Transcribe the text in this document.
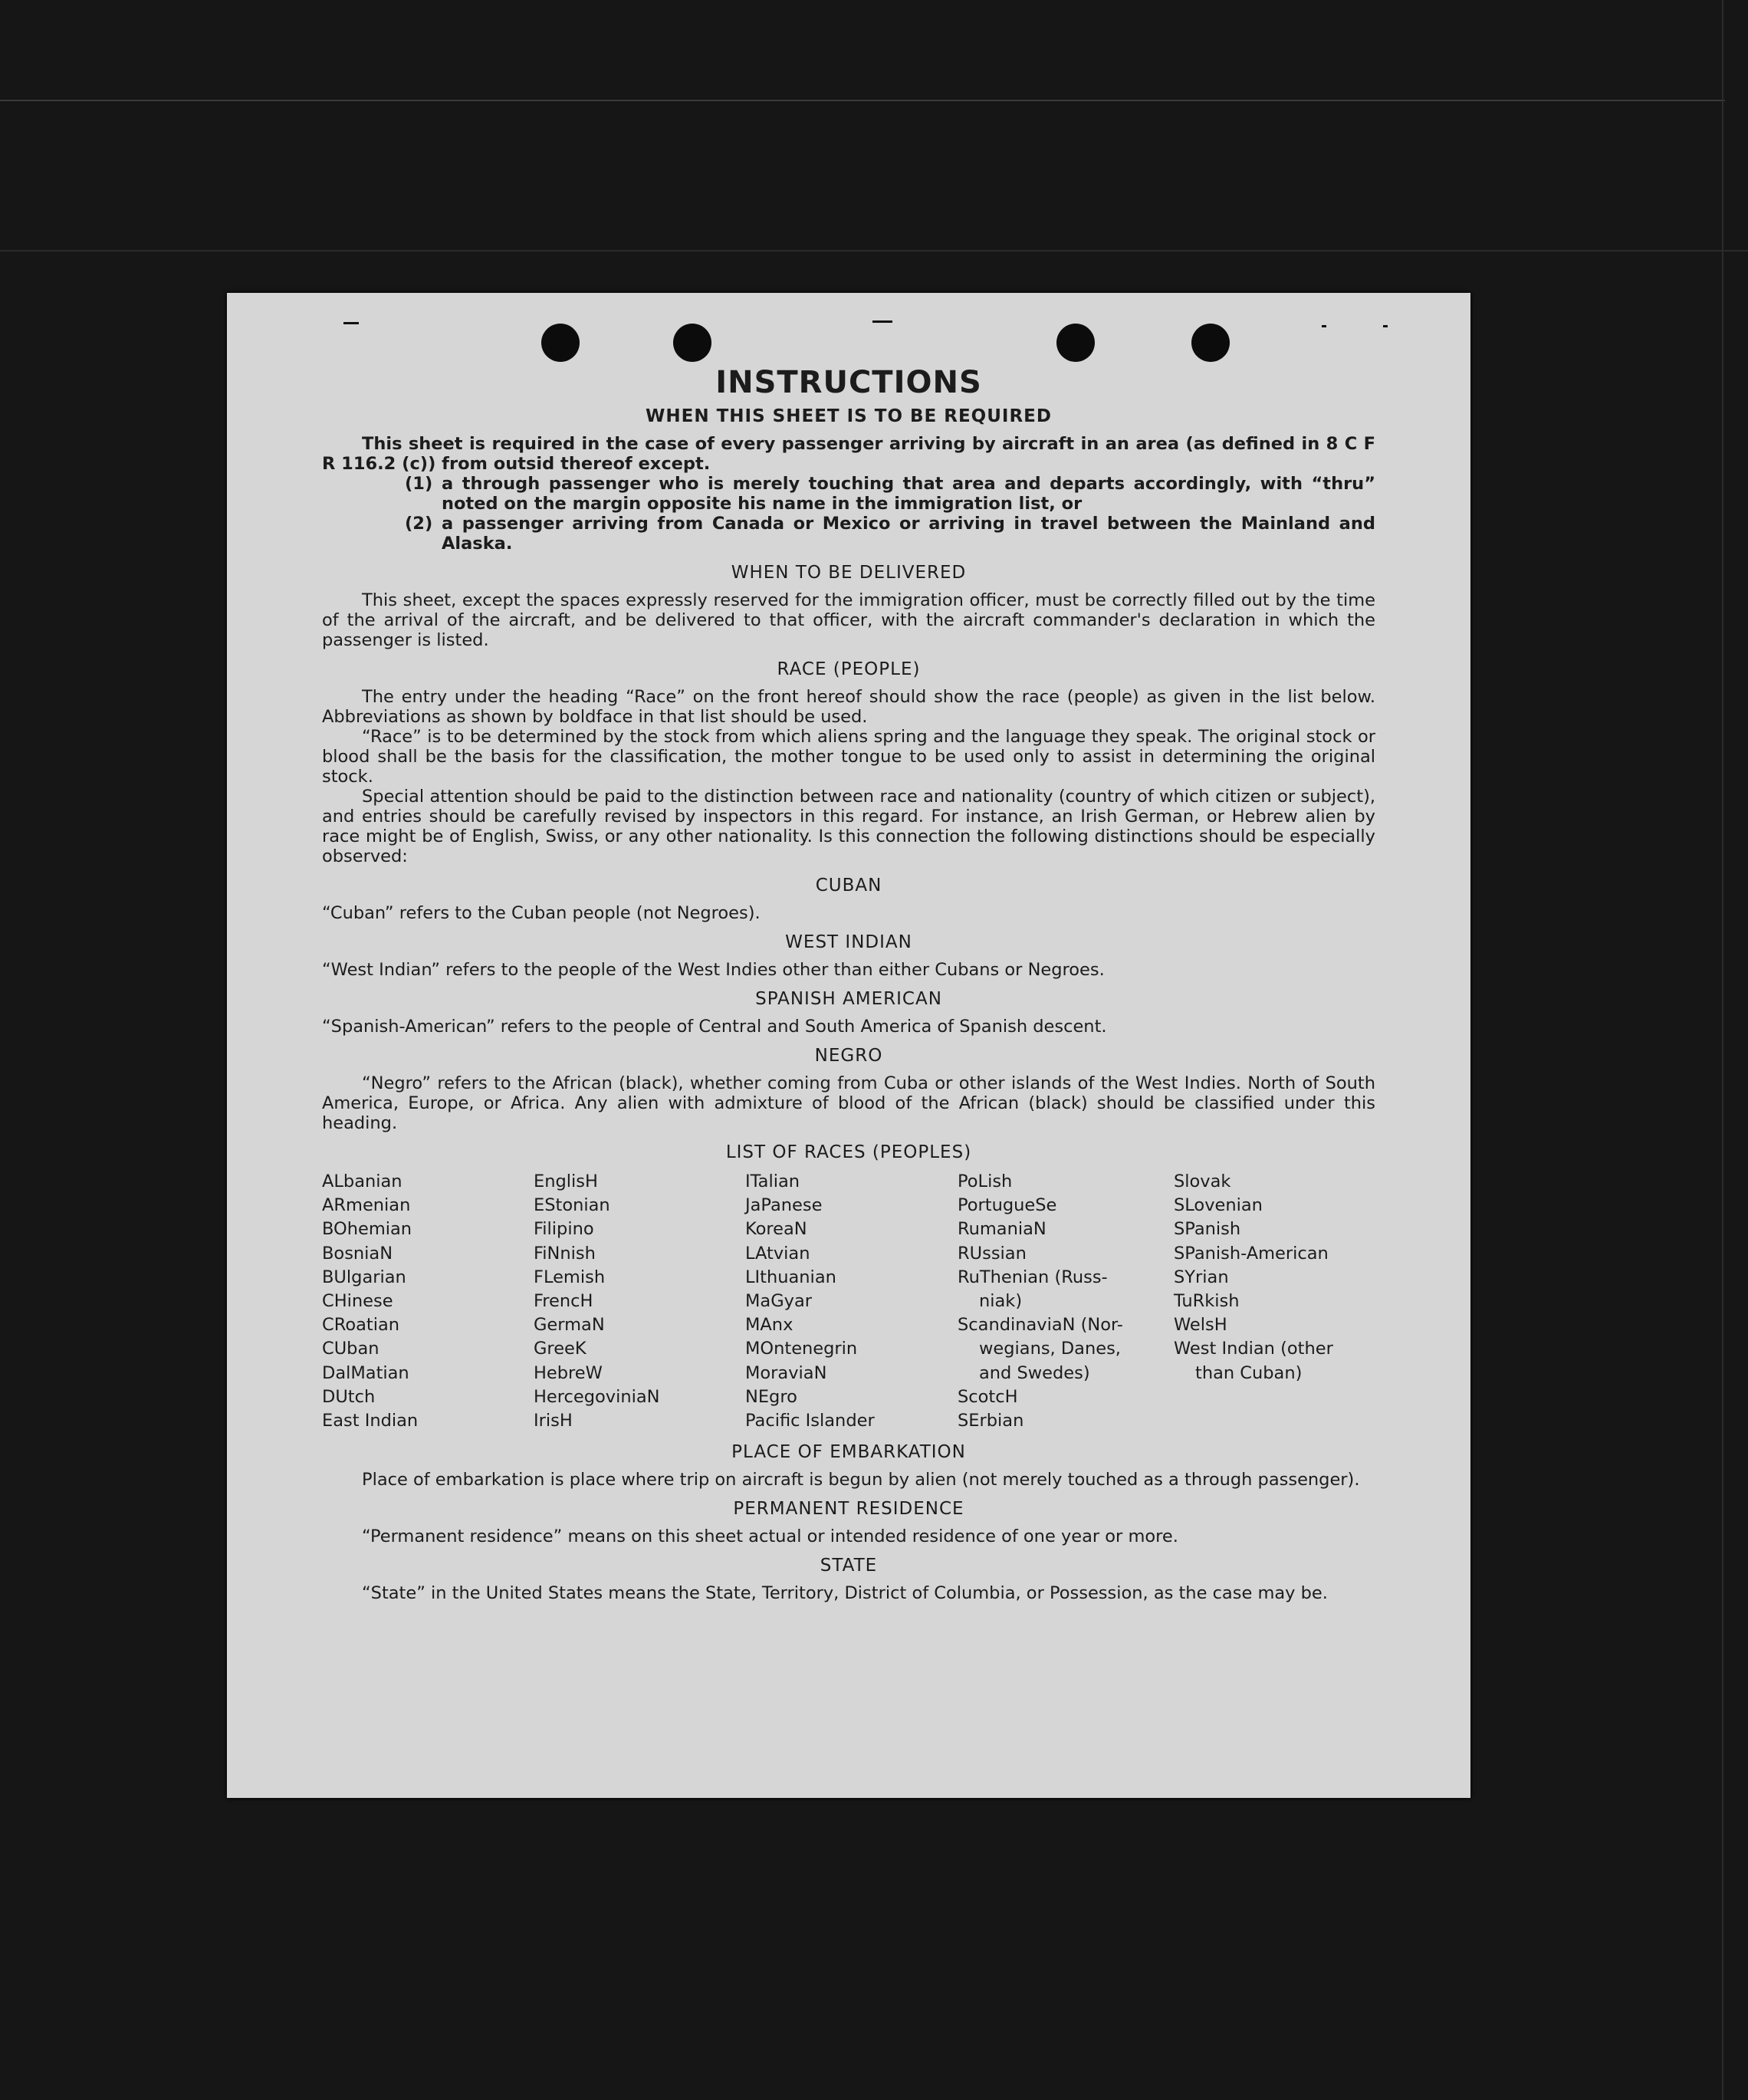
INSTRUCTIONS
WHEN THIS SHEET IS TO BE REQUIRED

This sheet is required in the case of every passenger arriving by aircraft in an area (as defined in 8 C F R 116.2 (c)) from outsid thereof except.

(1) a through passenger who is merely touching that area and departs accordingly, with “thru” noted on the margin opposite his name in the immigration list, or
(2) a passenger arriving from Canada or Mexico or arriving in travel between the Mainland and Alaska.
WHEN TO BE DELIVERED

This sheet, except the spaces expressly reserved for the immigration officer, must be correctly filled out by the time of the arrival of the aircraft, and be delivered to that officer, with the aircraft commander's declaration in which the passenger is listed.

RACE (PEOPLE)

The entry under the heading “Race” on the front hereof should show the race (people) as given in the list below. Abbreviations as shown by boldface in that list should be used.

“Race” is to be determined by the stock from which aliens spring and the language they speak. The original stock or blood shall be the basis for the classification, the mother tongue to be used only to assist in determining the original stock.

Special attention should be paid to the distinction between race and nationality (country of which citizen or subject), and entries should be carefully revised by inspectors in this regard. For instance, an Irish German, or Hebrew alien by race might be of English, Swiss, or any other nationality. Is this connection the following distinctions should be especially observed:

CUBAN

“Cuban” refers to the Cuban people (not Negroes).

WEST INDIAN

“West Indian” refers to the people of the West Indies other than either Cubans or Negroes.

SPANISH AMERICAN

“Spanish-American” refers to the people of Central and South America of Spanish descent.

NEGRO

“Negro” refers to the African (black), whether coming from Cuba or other islands of the West Indies. North of South America, Europe, or Africa. Any alien with admixture of blood of the African (black) should be classified under this heading.

LIST OF RACES (PEOPLES)
ALbanian
ARmenian
BOhemian
BosniaN
BUlgarian
CHinese
CRoatian
CUban
DalMatian
DUtch
East Indian
EnglisH
EStonian
Filipino
FiNnish
FLemish
FrencH
GermaN
GreeK
HebreW
HercegoviniaN
IrisH
ITalian
JaPanese
KoreaN
LAtvian
LIthuanian
MaGyar
MAnx
MOntenegrin
MoraviaN
NEgro
Pacific Islander
PoLish
PortugueSe
RumaniaN
RUssian
RuThenian (Russ-
niak)
ScandinaviaN (Nor-
wegians, Danes,
and Swedes)
ScotcH
SErbian
Slovak
SLovenian
SPanish
SPanish-American
SYrian
TuRkish
WelsH
West Indian (other
than Cuban)
PLACE OF EMBARKATION

Place of embarkation is place where trip on aircraft is begun by alien (not merely touched as a through passenger).

PERMANENT RESIDENCE

“Permanent residence” means on this sheet actual or intended residence of one year or more.

STATE

“State” in the United States means the State, Territory, District of Columbia, or Possession, as the case may be.
